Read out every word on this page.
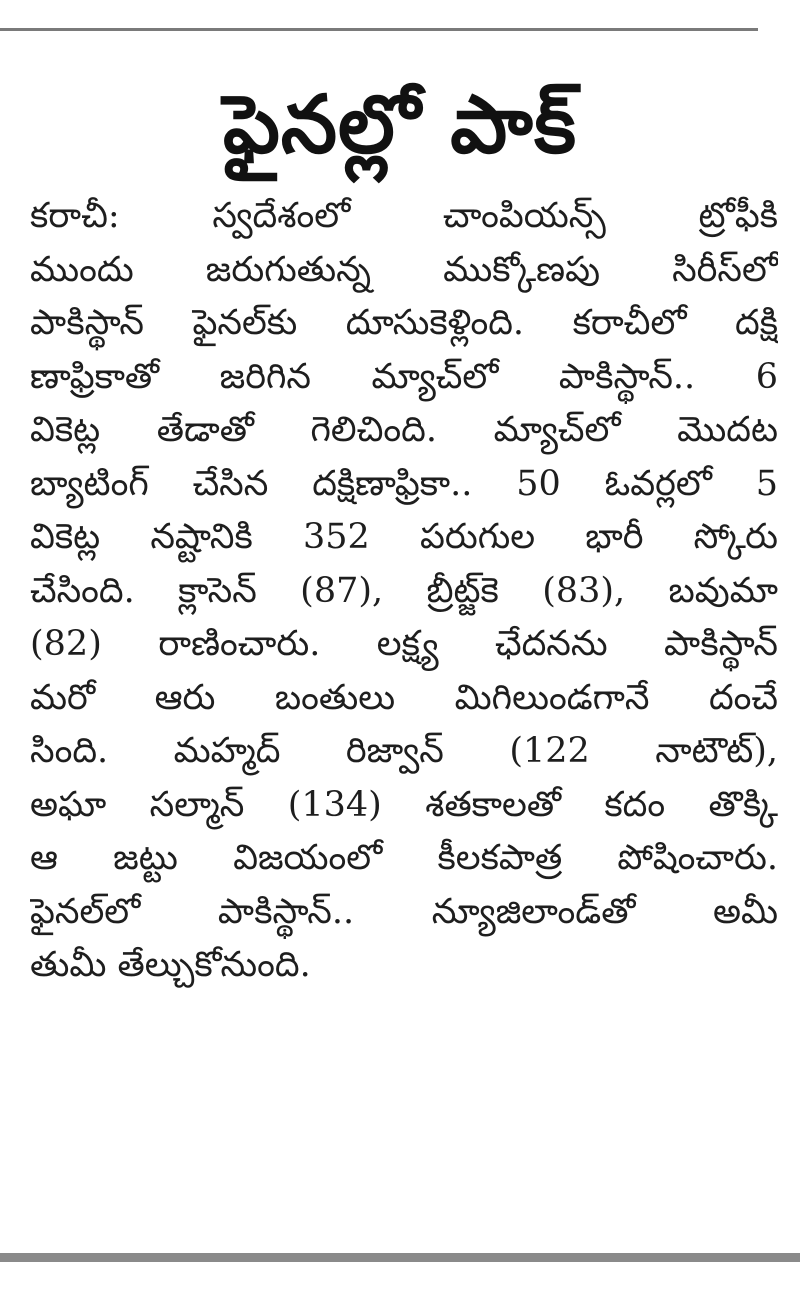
ఫైనల్లో పాక్
కరాచీ: స్వదేశంలో చాంపియన్స్ ట్రోఫీకి
ముందు జరుగుతున్న ముక్కోణపు సిరీస్‌లో
పాకిస్థాన్ ఫైనల్‌కు దూసుకెళ్లింది. కరాచీలో దక్షి
ణాఫ్రికాతో జరిగిన మ్యాచ్‌లో పాకిస్థాన్.. 6
వికెట్ల తేడాతో గెలిచింది. మ్యాచ్‌లో మొదట
బ్యాటింగ్ చేసిన దక్షిణాఫ్రికా.. 50 ఓవర్లలో 5
వికెట్ల నష్టానికి 352 పరుగుల భారీ స్కోరు
చేసింది. క్లాసెన్ (87), బ్రీట్జ్‌కె (83), బవుమా
(82) రాణించారు. లక్ష్య ఛేదనను పాకిస్థాన్
మరో ఆరు బంతులు మిగిలుండగానే దంచే
సింది. మహ్మద్ రిజ్వాన్ (122 నాటౌట్),
అఘా సల్మాన్ (134) శతకాలతో కదం తొక్కి
ఆ జట్టు విజయంలో కీలకపాత్ర పోషించారు.
ఫైనల్‌లో పాకిస్థాన్.. న్యూజిలాండ్‌తో అమీ
తుమీ తేల్చుకోనుంది.
